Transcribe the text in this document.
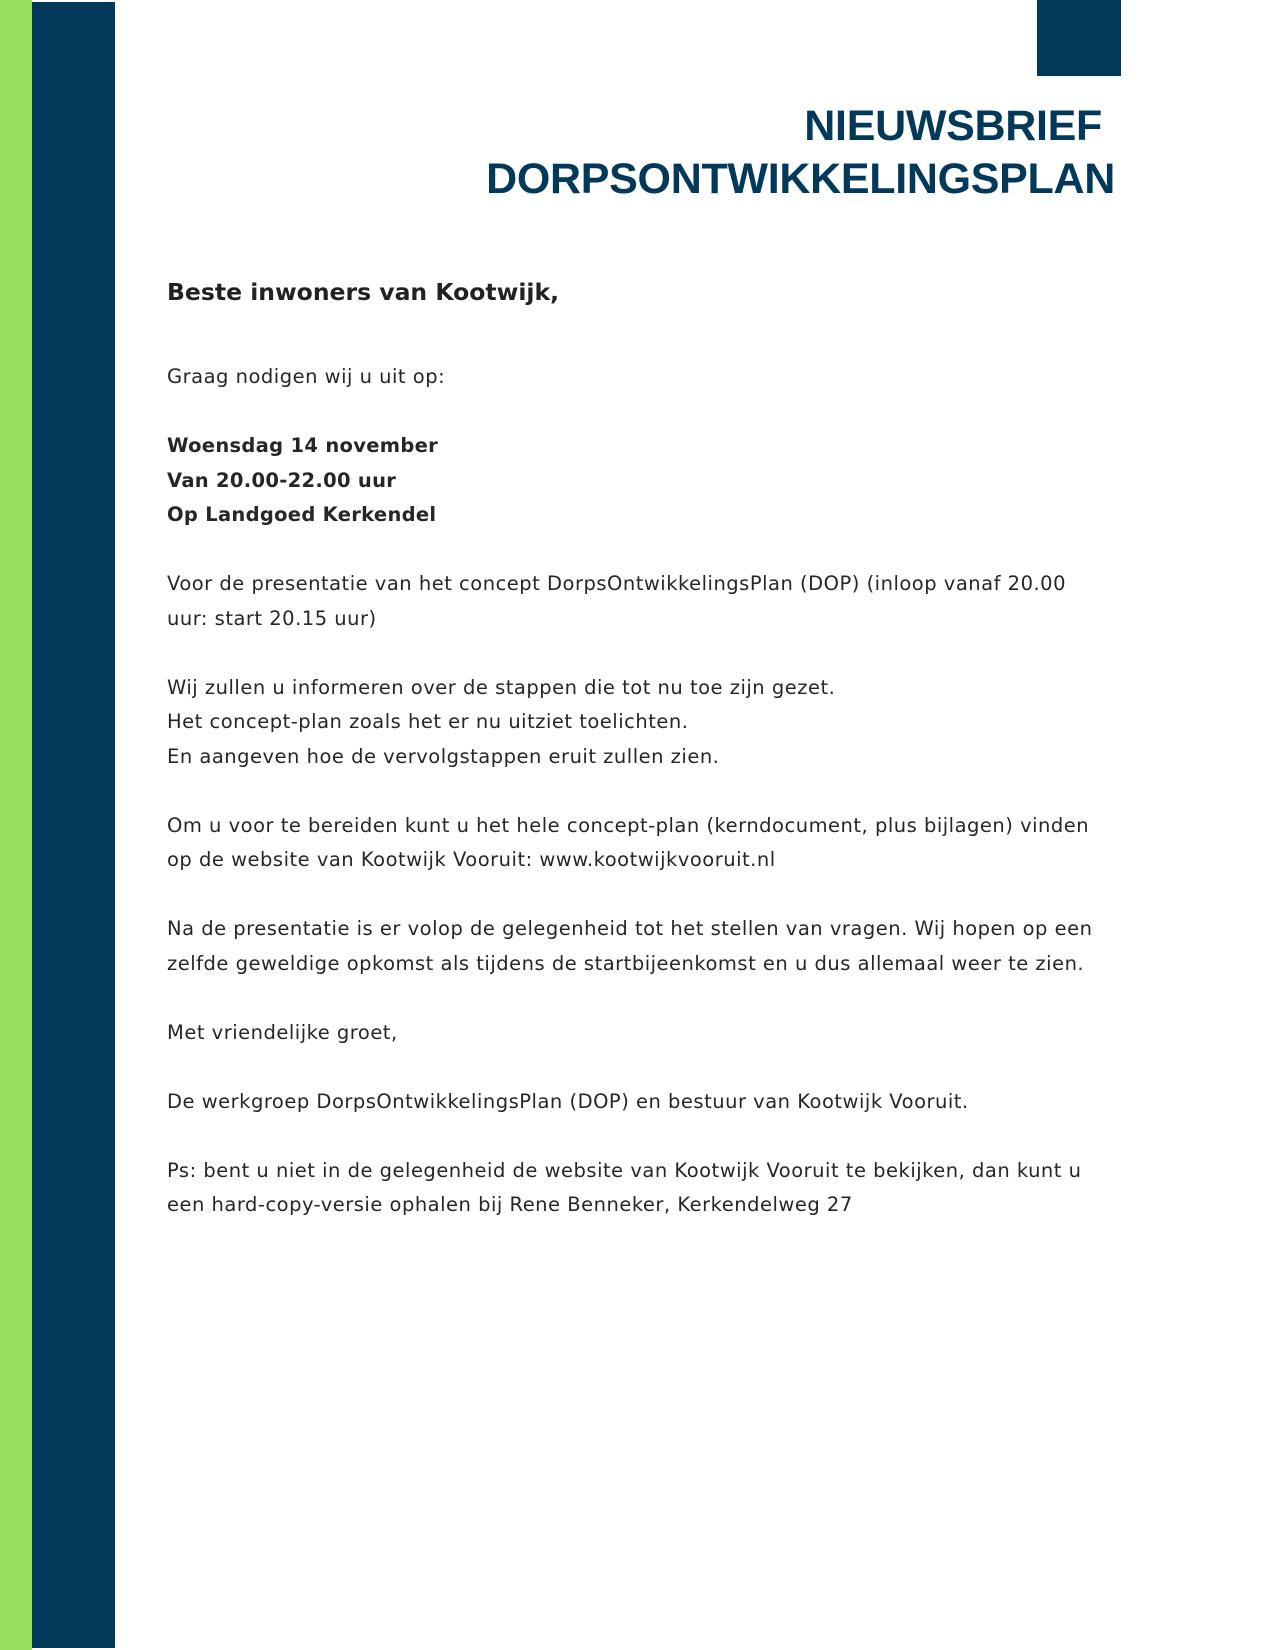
NIEUWSBRIEF
DORPSONTWIKKELINGSPLAN
Beste inwoners van Kootwijk,

Graag nodigen wij u uit op:

Woensdag 14 november
Van 20.00-22.00 uur
Op Landgoed Kerkendel

Voor de presentatie van het concept DorpsOntwikkelingsPlan (DOP) (inloop vanaf 20.00
uur: start 20.15 uur)

Wij zullen u informeren over de stappen die tot nu toe zijn gezet.
Het concept-plan zoals het er nu uitziet toelichten.
En aangeven hoe de vervolgstappen eruit zullen zien.

Om u voor te bereiden kunt u het hele concept-plan (kerndocument, plus bijlagen) vinden
op de website van Kootwijk Vooruit: www.kootwijkvooruit.nl

Na de presentatie is er volop de gelegenheid tot het stellen van vragen. Wij hopen op een
zelfde geweldige opkomst als tijdens de startbijeenkomst en u dus allemaal weer te zien.

Met vriendelijke groet,

De werkgroep DorpsOntwikkelingsPlan (DOP) en bestuur van Kootwijk Vooruit.

Ps: bent u niet in de gelegenheid de website van Kootwijk Vooruit te bekijken, dan kunt u
een hard-copy-versie ophalen bij Rene Benneker, Kerkendelweg 27
